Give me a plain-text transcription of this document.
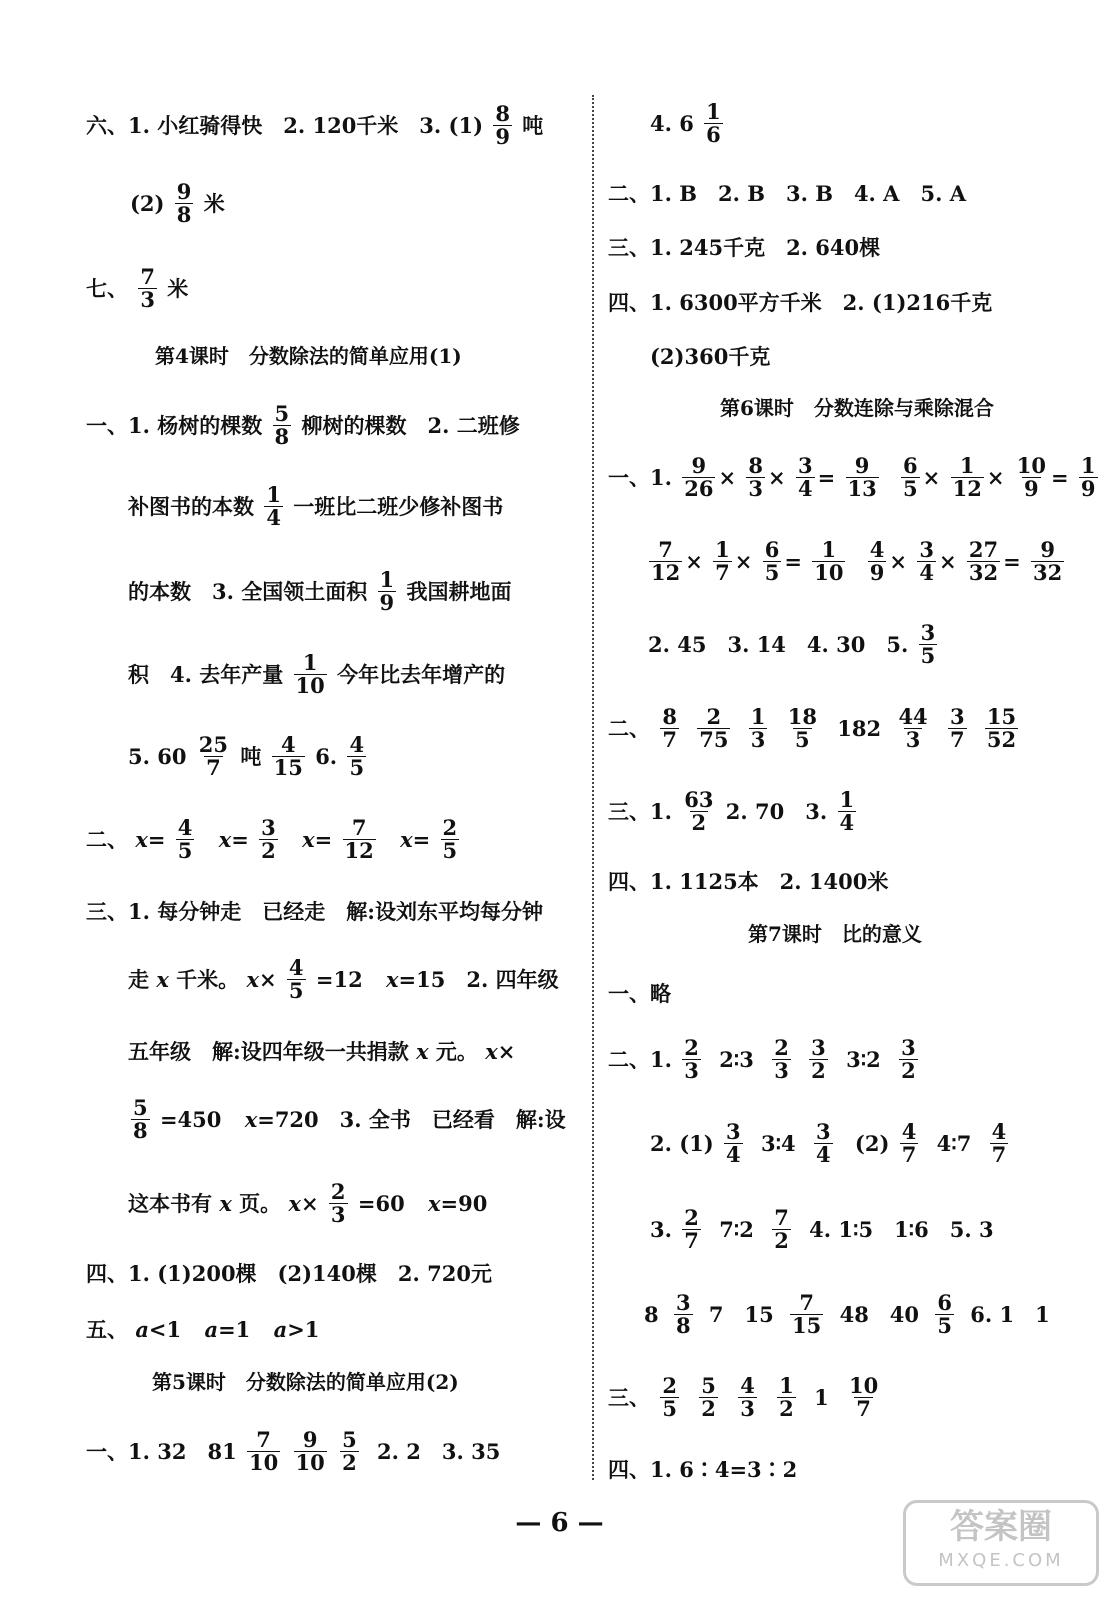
六、1. 小红骑得快　2. 120千米　3. $(1) \frac{8}{9}$ 吨
$(2) \frac{9}{8}$ 米
七、 $\frac{7}{3}$ 米
第4课时　分数除法的简单应用(1)
一、1. 杨树的棵数 $\frac{5}{8}$ 柳树的棵数　2. 二班修
补图书的本数 $\frac{1}{4}$ 一班比二班少修补图书
的本数　3. 全国领土面积 $\frac{1}{9}$ 我国耕地面
积　4. 去年产量 $\frac{1}{10}$ 今年比去年增产的
5. $60 \frac{25}{7}$ 吨 $\frac{4}{15} 6$. $\frac{4}{5}$
二、 $x= \frac{4}{5} x= \frac{3}{2} x= \frac{7}{12} x= \frac{2}{5}$
三、1. 每分钟走　已经走　解:设刘东平均每分钟
走 x 千米。 $x\times \frac{4}{5} =12$ x=15　2. 四年级
五年级　解:设四年级一共捐款 x 元。 x×
$\frac{5}{8} =450$ x=720　3. 全书　已经看　解:设
这本书有 x 页。 $x\times \frac{2}{3} =60$ x=90
四、1. (1)200棵　(2)140棵　2. 720元
五、 a<1 a=1 a>1
第5课时　分数除法的简单应用(2)
一、1. 32　$81 \frac{7}{10}$
$\frac{9}{10}$
$\frac{5}{2} 2$. 2　3. 35
4. $6 \frac{1}{6}$
二、1. B　2. B　3. B　4. A　5. A
三、1. 245千克　2. 640棵
四、1. 6300平方千米　2. (1)216千克
(2)360千克
第6课时　分数连除与乘除混合
一、1. $\frac{9}{26} \times \frac{8}{3} \times \frac{3}{4} = \frac{9}{13}$
$\frac{6}{5} \times \frac{1}{12} \times \frac{10}{9} = \frac{1}{9}$
$\frac{7}{12} \times \frac{1}{7} \times \frac{6}{5} = \frac{1}{10}$
$\frac{4}{9} \times \frac{3}{4} \times \frac{27}{32} = \frac{9}{32}$
2. 45　3. 14　4. 30　5. $\frac{3}{5}$
二、 $\frac{8}{7}$
$\frac{2}{75}$
$\frac{1}{3}$
$\frac{18}{5} 182 \frac{44}{3}$
$\frac{3}{7}$
$\frac{15}{52}$
三、1. $\frac{63}{2} 2$. 70　3. $\frac{1}{4}$
四、1. 1125本　2. 1400米
第7课时　比的意义
一、略
二、1. $\frac{2}{3}$ 2∶3 $\frac{2}{3}$
$\frac{3}{2}$ 3∶2 $\frac{3}{2}$
2. $(1) \frac{3}{4}$ 3∶4 $\frac{3}{4} (2) \frac{4}{7}$ 4∶7 $\frac{4}{7}$
3. $\frac{2}{7}$ 7∶2 $\frac{7}{2} 4$. 1∶5　1∶6　5. 3
$8 \frac{3}{8} 7$　$15 \frac{7}{15} 48$　$40 \frac{6}{5} 6$. 1　1
三、 $\frac{2}{5}$
$\frac{5}{2}$
$\frac{4}{3}$
$\frac{1}{2} 1 \frac{10}{7}$
四、1. 6∶4=3∶2
— 6 —	答案圈
MXQE.COM
